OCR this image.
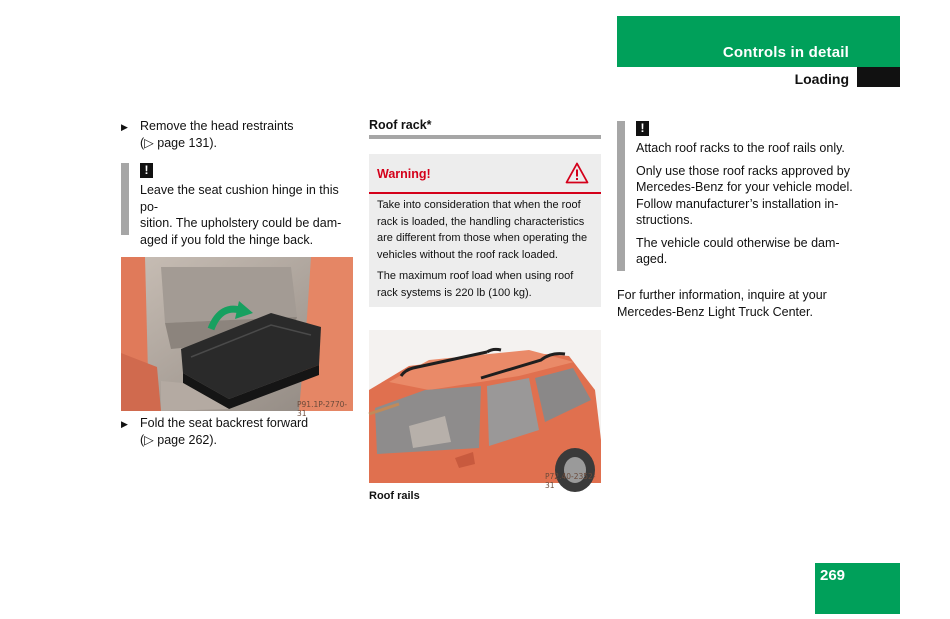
Controls in detail
Loading
▶ Remove the head restraints
(▷ page 131).
!
Leave the seat cushion hinge in this po-
sition. The upholstery could be dam-
aged if you fold the hinge back.
P91.1P-2770-31
▶ Fold the seat backrest forward
(▷ page 262).
Roof rack*
Warning!
Take into consideration that when the roof
rack is loaded, the handling characteristics
are different from those when operating the
vehicles without the roof rack loaded.
The maximum roof load when using roof
rack systems is 220 lb (100 kg).
P72.40-2352-31
Roof rails
!
Attach roof racks to the roof rails only.
Only use those roof racks approved by
Mercedes-Benz for your vehicle model.
Follow manufacturer’s installation in-
structions.
The vehicle could otherwise be dam-
aged.
For further information, inquire at your
Mercedes-Benz Light Truck Center.
269
